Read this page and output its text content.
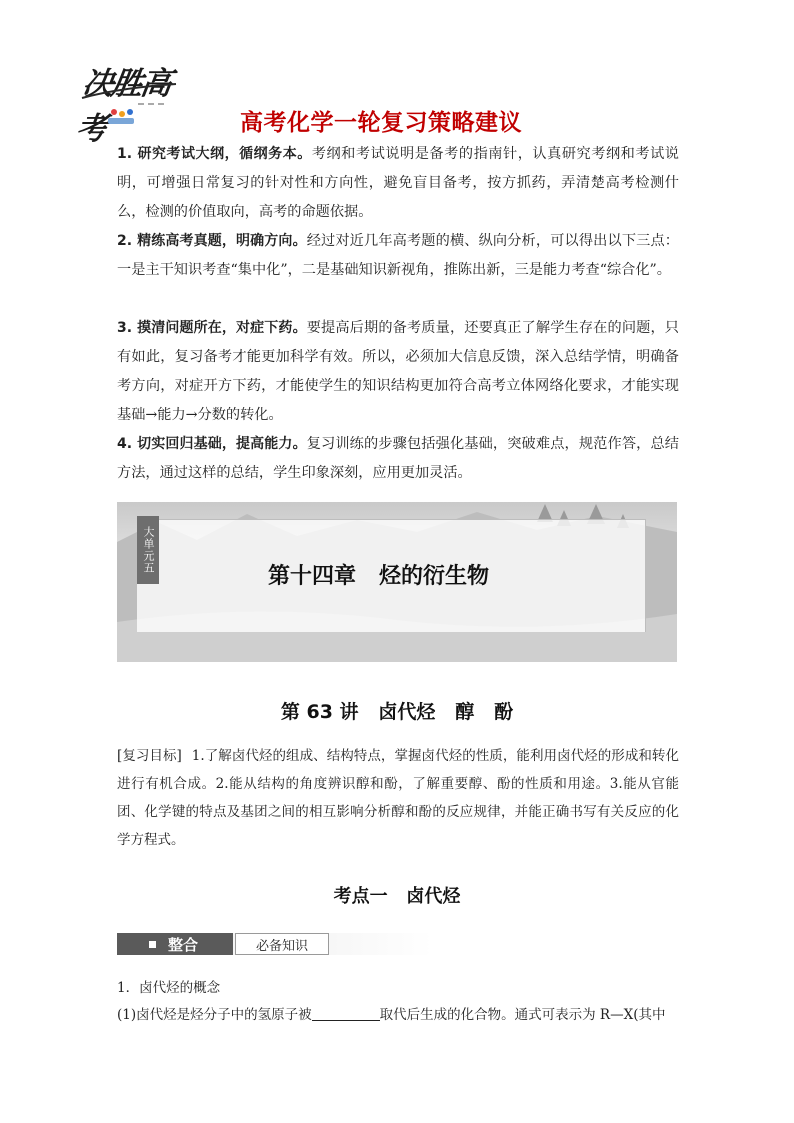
决胜高考	高考化学一轮复习策略建议
1. 研究考试大纲，循纲务本。考纲和考试说明是备考的指南针，认真研究考纲和考试说明，可增强日常复习的针对性和方向性，避免盲目备考，按方抓药，弄清楚高考检测什么，检测的价值取向，高考的命题依据。
2. 精练高考真题，明确方向。经过对近几年高考题的横、纵向分析，可以得出以下三点：一是主干知识考查“集中化”，二是基础知识新视角，推陈出新，三是能力考查“综合化”。
3. 摸清问题所在，对症下药。要提高后期的备考质量，还要真正了解学生存在的问题，只有如此，复习备考才能更加科学有效。所以，必须加大信息反馈，深入总结学情，明确备考方向，对症开方下药，才能使学生的知识结构更加符合高考立体网络化要求，才能实现基础→能力→分数的转化。
4. 切实回归基础，提高能力。复习训练的步骤包括强化基础，突破难点，规范作答，总结方法，通过这样的总结，学生印象深刻，应用更加灵活。
大单元五
第十四章   烃的衍生物
第 63 讲   卤代烃   醇   酚
[复习目标] 1.了解卤代烃的组成、结构特点，掌握卤代烃的性质，能利用卤代烃的形成和转化进行有机合成。2.能从结构的角度辨识醇和酚，了解重要醇、酚的性质和用途。3.能从官能团、化学键的特点及基团之间的相互影响分析醇和酚的反应规律，并能正确书写有关反应的化学方程式。
考点一   卤代烃
整合	必备知识
1．卤代烃的概念
(1)卤代烃是烃分子中的氢原子被	取代后生成的化合物。通式可表示为 R—X(其中
